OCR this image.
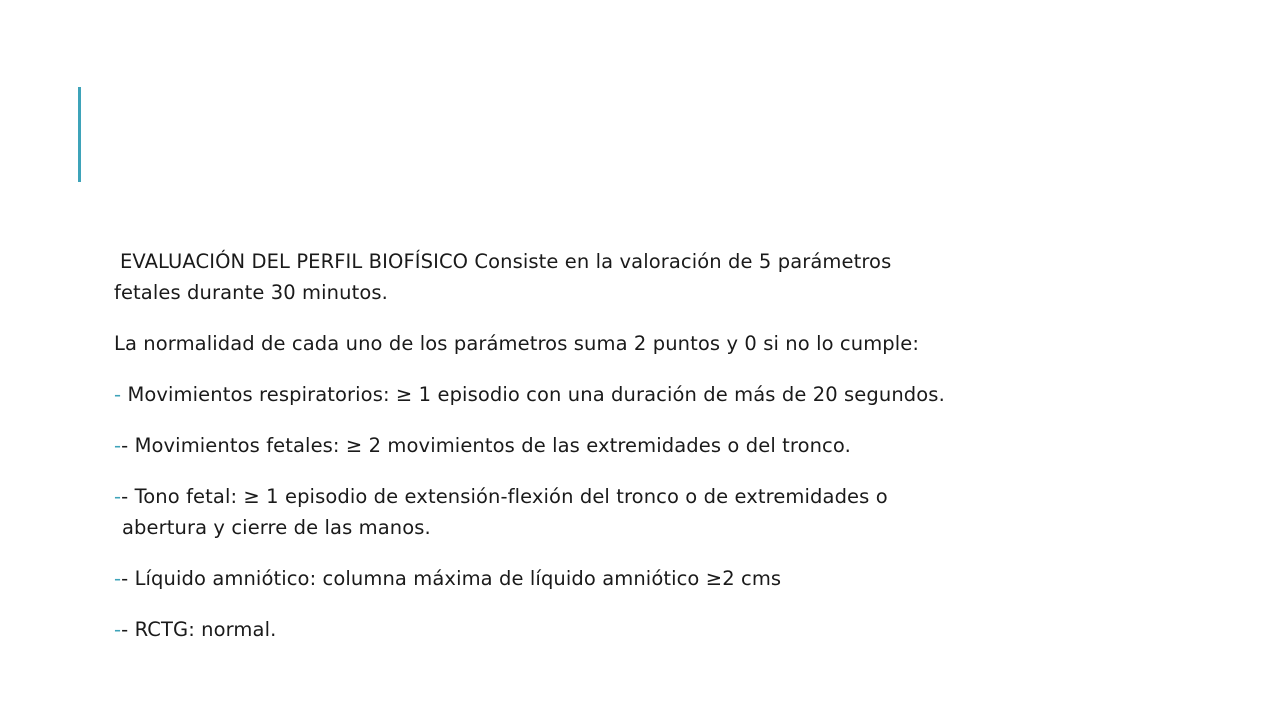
EVALUACIÓN DEL PERFIL BIOFÍSICO Consiste en la valoración de 5 parámetros
fetales durante 30 minutos.

La normalidad de cada uno de los parámetros suma 2 puntos y 0 si no lo cumple:

- Movimientos respiratorios: ≥ 1 episodio con una duración de más de 20 segundos.

-- Movimientos fetales: ≥ 2 movimientos de las extremidades o del tronco.

-- Tono fetal: ≥ 1 episodio de extensión-flexión del tronco o de extremidades o
abertura y cierre de las manos.

-- Líquido amniótico: columna máxima de líquido amniótico ≥2 cms

-- RCTG: normal.
